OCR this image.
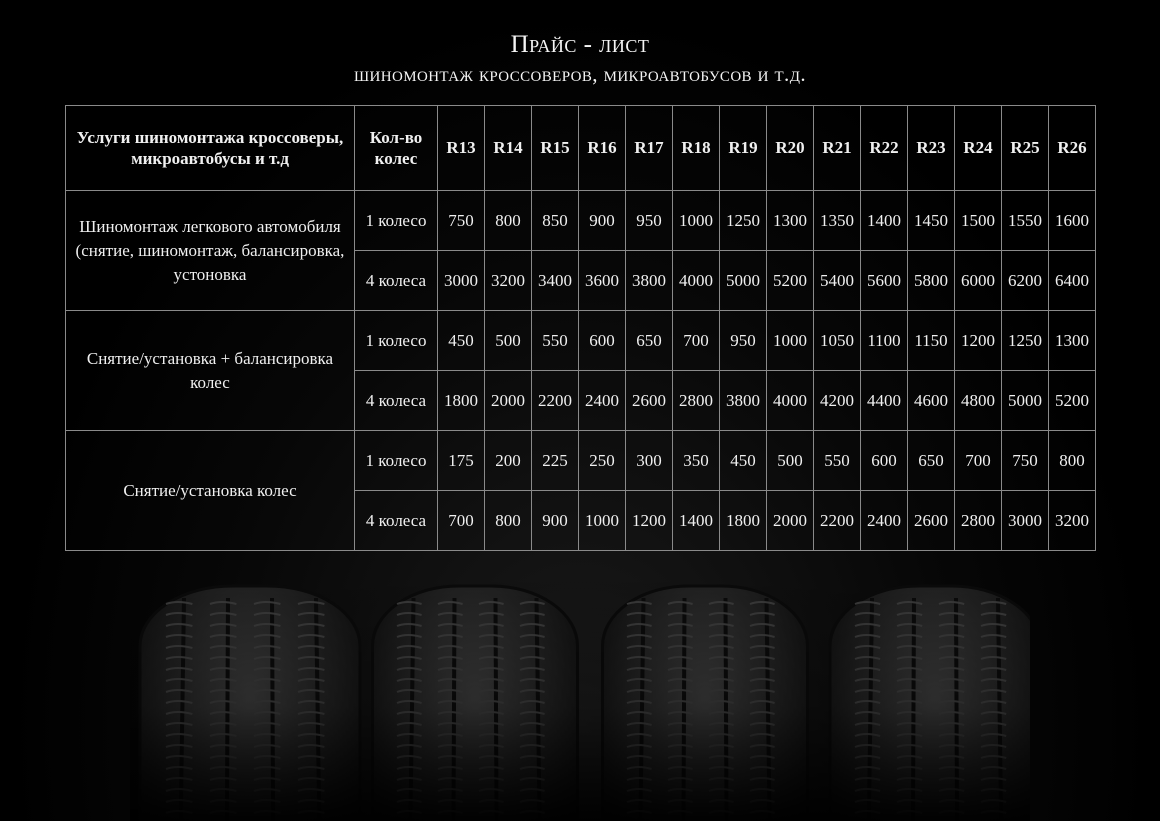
Прайс - лист
шиномонтаж кроссоверов, микроавтобусов и т.д.
Услуги шиномонтажа кроссоверы, микроавтобусы и т.д	Кол-во колес	R13	R14	R15	R16	R17	R18	R19	R20	R21	R22	R23	R24	R25	R26
Шиномонтаж легкового автомобиля (снятие, шиномонтаж, балансировка, устоновка	1 колесо	750	800	850	900	950	1000	1250	1300	1350	1400	1450	1500	1550	1600
	4 колеса	3000	3200	3400	3600	3800	4000	5000	5200	5400	5600	5800	6000	6200	6400
Снятие/установка + балансировка колес	1 колесо	450	500	550	600	650	700	950	1000	1050	1100	1150	1200	1250	1300
	4 колеса	1800	2000	2200	2400	2600	2800	3800	4000	4200	4400	4600	4800	5000	5200
Снятие/установка колес	1 колесо	175	200	225	250	300	350	450	500	550	600	650	700	750	800
	4 колеса	700	800	900	1000	1200	1400	1800	2000	2200	2400	2600	2800	3000	3200
